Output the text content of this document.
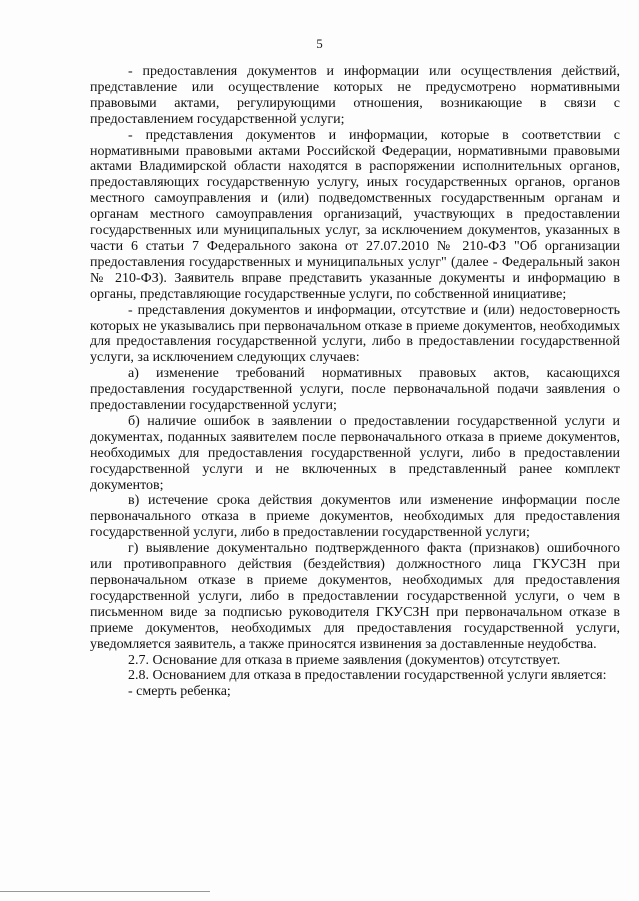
5

- предоставления документов и информации или осуществления действий, представление или осуществление которых не предусмотрено нормативными правовыми актами, регулирующими отношения, возникающие в связи с предоставлением государственной услуги;

- представления документов и информации, которые в соответствии с нормативными правовыми актами Российской Федерации, нормативными правовыми актами Владимирской области находятся в распоряжении исполнительных органов, предоставляющих государственную услугу, иных государственных органов, органов местного самоуправления и (или) подведомственных государственным органам и органам местного самоуправления организаций, участвующих в предоставлении государственных или муниципальных услуг, за исключением документов, указанных в части 6 статьи 7 Федерального закона от 27.07.2010 № 210-ФЗ "Об организации предоставления государственных и муниципальных услуг" (далее - Федеральный закон № 210-ФЗ). Заявитель вправе представить указанные документы и информацию в органы, представляющие государственные услуги, по собственной инициативе;

- представления документов и информации, отсутствие и (или) недостоверность которых не указывались при первоначальном отказе в приеме документов, необходимых для предоставления государственной услуги, либо в предоставлении государственной услуги, за исключением следующих случаев:

а) изменение требований нормативных правовых актов, касающихся предоставления государственной услуги, после первоначальной подачи заявления о предоставлении государственной услуги;

б) наличие ошибок в заявлении о предоставлении государственной услуги и документах, поданных заявителем после первоначального отказа в приеме документов, необходимых для предоставления государственной услуги, либо в предоставлении государственной услуги и не включенных в представленный ранее комплект документов;

в) истечение срока действия документов или изменение информации после первоначального отказа в приеме документов, необходимых для предоставления государственной услуги, либо в предоставлении государственной услуги;

г) выявление документально подтвержденного факта (признаков) ошибочного или противоправного действия (бездействия) должностного лица ГКУСЗН при первоначальном отказе в приеме документов, необходимых для предоставления государственной услуги, либо в предоставлении государственной услуги, о чем в письменном виде за подписью руководителя ГКУСЗН при первоначальном отказе в приеме документов, необходимых для предоставления государственной услуги, уведомляется заявитель, а также приносятся извинения за доставленные неудобства.

2.7. Основание для отказа в приеме заявления (документов) отсутствует.

2.8. Основанием для отказа в предоставлении государственной услуги является:

- смерть ребенка;
